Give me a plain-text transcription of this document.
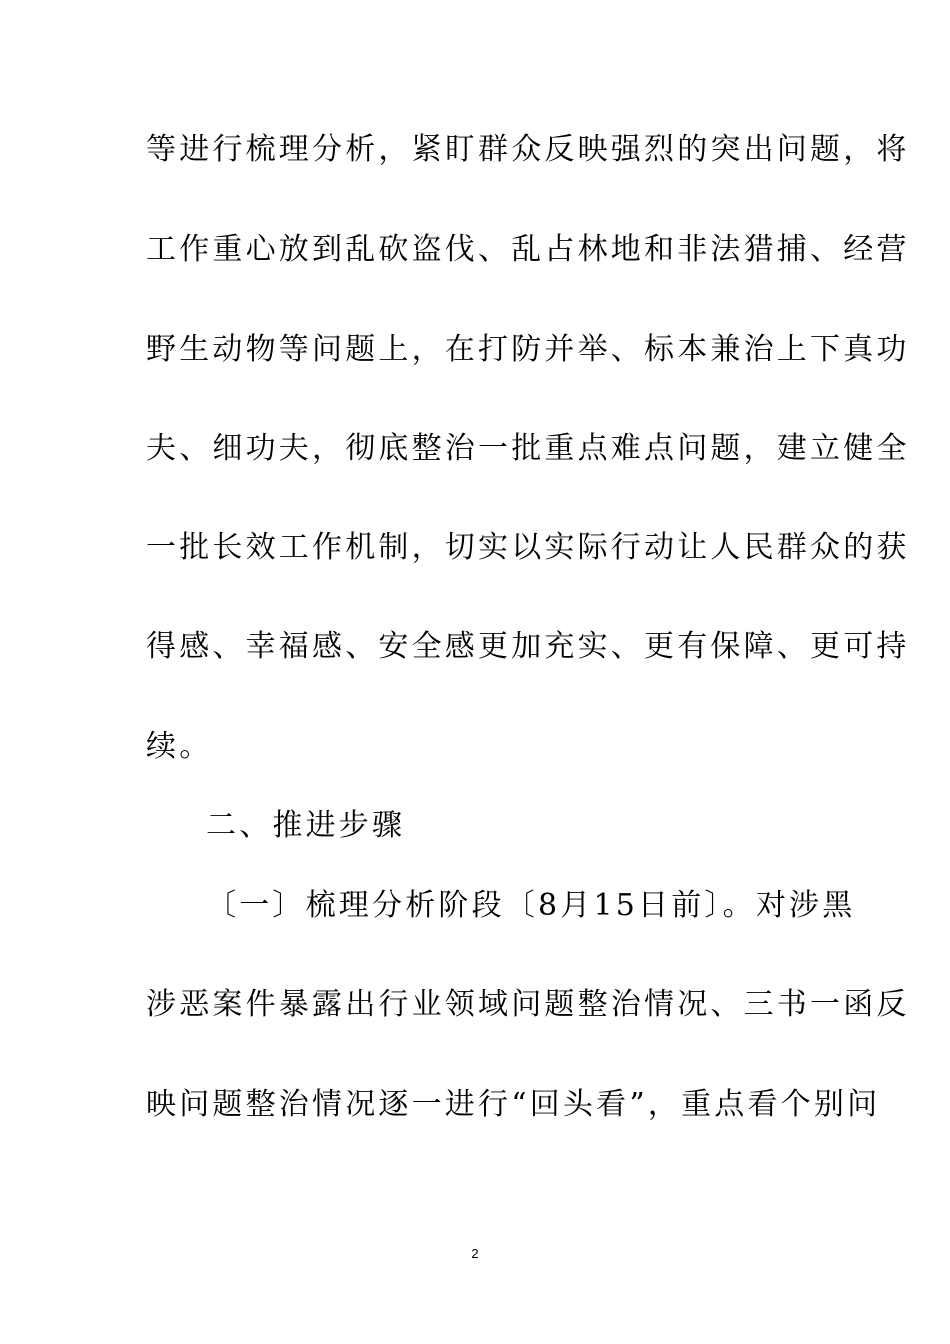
等进行梳理分析，紧盯群众反映强烈的突出问题，将
工作重心放到乱砍盗伐、乱占林地和非法猎捕、经营
野生动物等问题上，在打防并举、标本兼治上下真功
夫、细功夫，彻底整治一批重点难点问题，建立健全
一批长效工作机制，切实以实际行动让人民群众的获
得感、幸福感、安全感更加充实、更有保障、更可持
续。
二、推进步骤
〔一〕梳理分析阶段〔8月15日前〕。对涉黑
涉恶案件暴露出行业领域问题整治情况、三书一函反
映问题整治情况逐一进行“回头看”，重点看个别问
2
